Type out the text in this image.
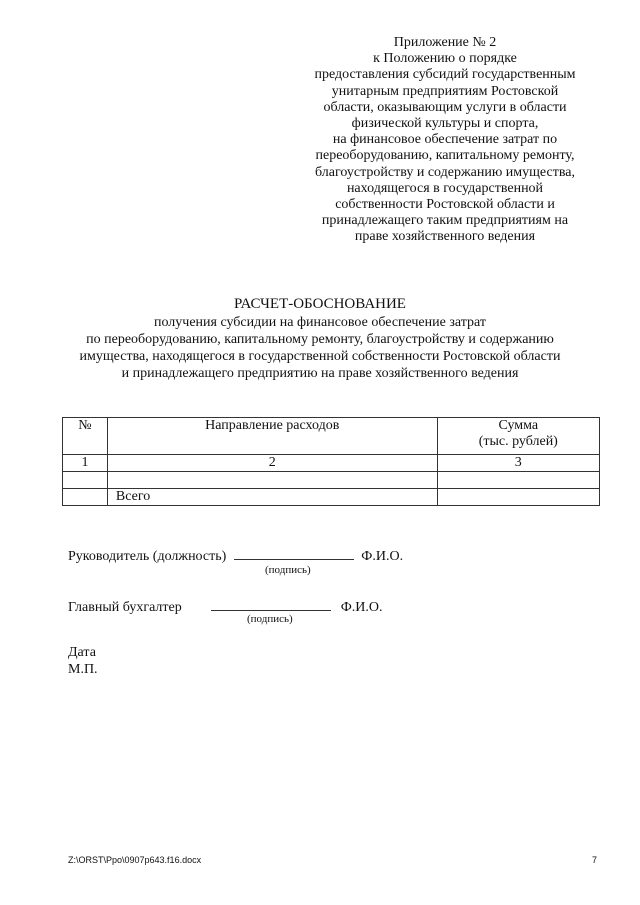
Приложение № 2
к Положению о порядке
предоставления субсидий государственным
унитарным предприятиям Ростовской
области, оказывающим услуги в области
физической культуры и спорта,
на финансовое обеспечение затрат по
переоборудованию, капитальному ремонту,
благоустройству и содержанию имущества,
находящегося в государственной
собственности Ростовской области и
принадлежащего таким предприятиям на
праве хозяйственного ведения
РАСЧЕТ-ОБОСНОВАНИЕ
получения субсидии на финансовое обеспечение затрат
по переоборудованию, капитальному ремонту, благоустройству и содержанию
имущества, находящегося в государственной собственности Ростовской области
и принадлежащего предприятию на праве хозяйственного ведения
№	Направление расходов	Сумма
(тыс. рублей)

1	2	3

	Всего	
Руководитель (должность)	Ф.И.О.
(подпись)
Главный бухгалтер	Ф.И.О.
(подпись)
Дата
М.П.
Z:\ORST\Ppo\0907p643.f16.docx	7
